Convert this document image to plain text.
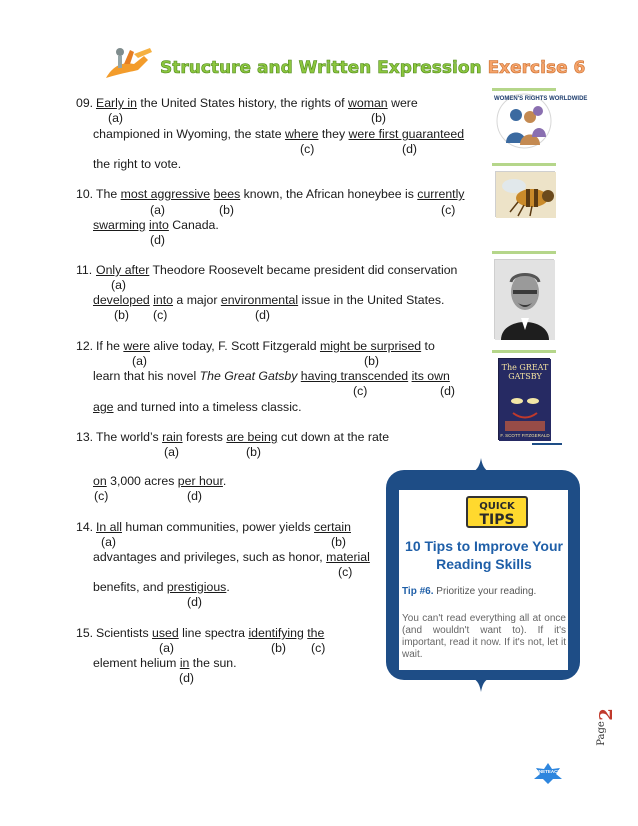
Structure and Written Expression Exercise 6
09. Early in the United States history, the rights of woman were
(a)	(b)
championed in Wyoming, the state where they were first guaranteed
(c)	(d)
the right to vote.
10. The most aggressive bees known, the African honeybee is currently
(a)	(b)	(c)
swarming into Canada.
(d)
11. Only after Theodore Roosevelt became president did conservation
(a)
developed into a major environmental issue in the United States.
(b) (c)	(d)
12. If he were alive today, F. Scott Fitzgerald might be surprised to
(a)	(b)
learn that his novel The Great Gatsby having transcended its own
(c)	(d)
age and turned into a timeless classic.
13. The world’s rain forests are being cut down at the rate
(a)	(b)
on 3,000 acres per hour.
(c)	(d)
14. In all human communities, power yields certain
(a)	(b)
advantages and privileges, such as honor, material
(c)
benefits, and prestigious.
(d)
15. Scientists used line spectra identifying the
(a)	(b) (c)
element helium in the sun.
(d)
WOMEN'S RIGHTS WORLDWIDE
The GREAT GATSBY
F. SCOTT FITZGERALD
QUICK
TIPS
10 Tips to Improve Your Reading Skills
Tip #6. Prioritize your reading.
You can't read everything all at once (and wouldn't want to). If it's important, read it now. If it's not, let it wait.
Page
2
ONETEACH
